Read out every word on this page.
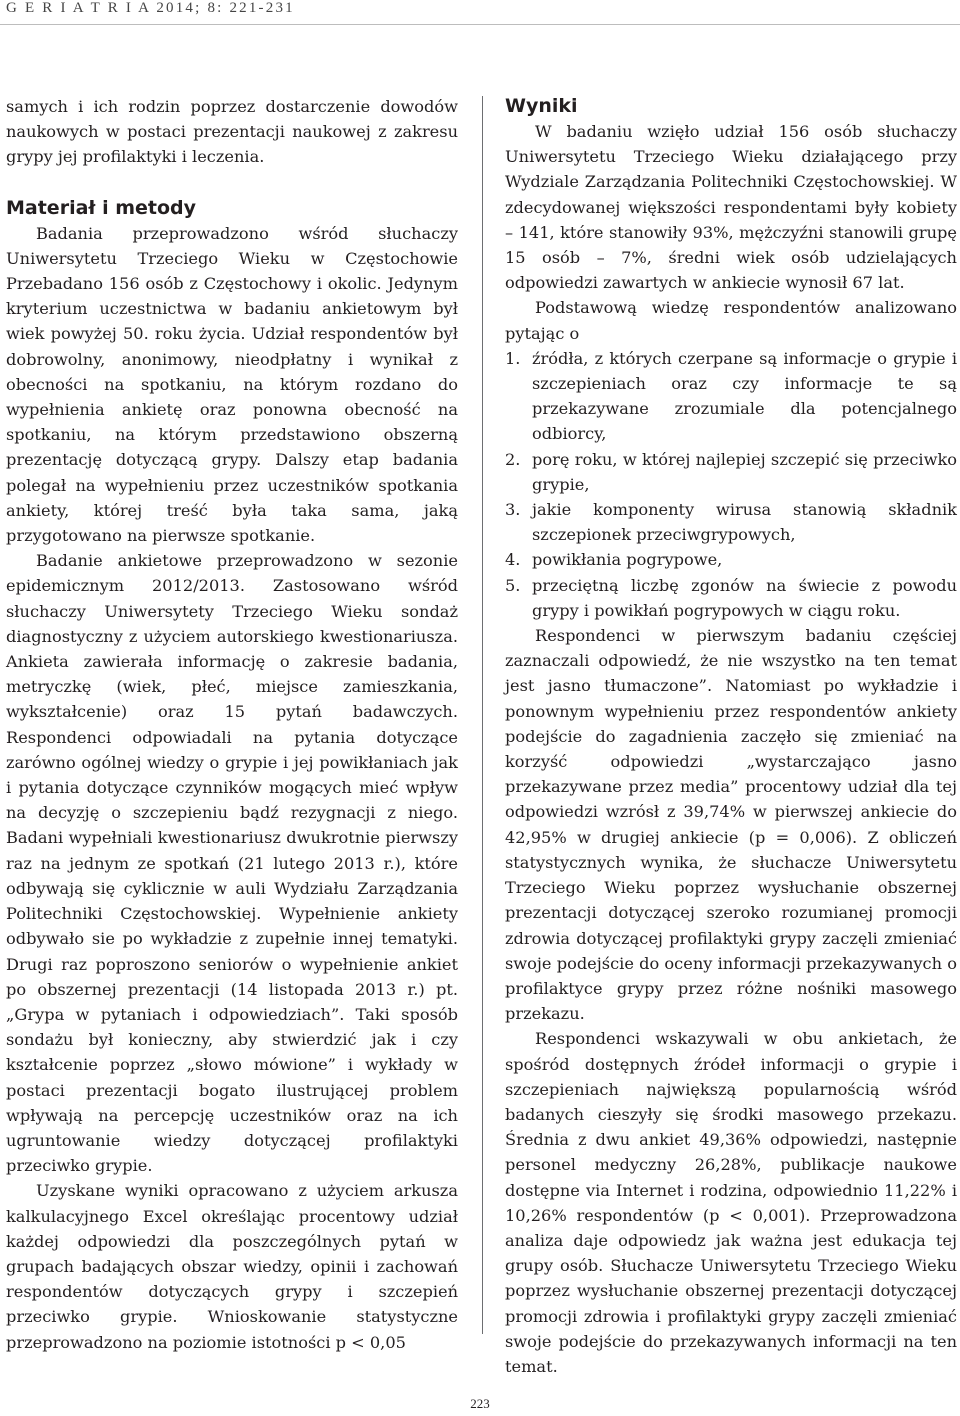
G E R I A T R I A 2014; 8: 221-231

samych i ich rodzin poprzez dostarczenie dowodów naukowych w postaci prezentacji naukowej z zakresu grypy jej profilaktyki i leczenia.

Materiał i metody

Badania przeprowadzono wśród słuchaczy Uniwersytetu Trzeciego Wieku w Częstochowie Przebadano 156 osób z Częstochowy i okolic. Jedynym kryterium uczestnictwa w badaniu ankietowym był wiek powyżej 50. roku życia. Udział respondentów był dobrowolny, anonimowy, nieodpłatny i wynikał z obecności na spotkaniu, na którym rozdano do wypełnienia ankietę oraz ponowna obecność na spotkaniu, na którym przedstawiono obszerną prezentację dotyczącą grypy. Dalszy etap badania polegał na wypełnieniu przez uczestników spotkania ankiety, której treść była taka sama, jaką przygotowano na pierwsze spotkanie.

Badanie ankietowe przeprowadzono w sezonie epidemicznym 2012/2013. Zastosowano wśród słuchaczy Uniwersytety Trzeciego Wieku sondaż diagnostyczny z użyciem autorskiego kwestionariusza. Ankieta zawierała informację o zakresie badania, metryczkę (wiek, płeć, miejsce zamieszkania, wykształcenie) oraz 15 pytań badawczych. Respondenci odpowiadali na pytania dotyczące zarówno ogólnej wiedzy o grypie i jej powikłaniach jak i pytania dotyczące czynników mogących mieć wpływ na decyzję o szczepieniu bądź rezygnacji z niego. Badani wypełniali kwestionariusz dwukrotnie pierwszy raz na jednym ze spotkań (21 lutego 2013 r.), które odbywają się cyklicznie w auli Wydziału Zarządzania Politechniki Częstochowskiej. Wypełnienie ankiety odbywało sie po wykładzie z zupełnie innej tematyki. Drugi raz poproszono seniorów o wypełnienie ankiet po obszernej prezentacji (14 listopada 2013 r.) pt. „Grypa w pytaniach i odpowiedziach”. Taki sposób sondażu był konieczny, aby stwierdzić jak i czy kształcenie poprzez „słowo mówione” i wykłady w postaci prezentacji bogato ilustrującej problem wpływają na percepcję uczestników oraz na ich ugruntowanie wiedzy dotyczącej profilaktyki przeciwko grypie.

Uzyskane wyniki opracowano z użyciem arkusza kalkulacyjnego Excel określając procentowy udział każdej odpowiedzi dla poszczególnych pytań w grupach badających obszar wiedzy, opinii i zachowań respondentów dotyczących grypy i szczepień przeciwko grypie. Wnioskowanie statystyczne przeprowadzono na poziomie istotności p < 0,05

Wyniki

W badaniu wzięło udział 156 osób słuchaczy Uniwersytetu Trzeciego Wieku działającego przy Wydziale Zarządzania Politechniki Częstochowskiej. W zdecydowanej większości respondentami były kobiety – 141, które stanowiły 93%, mężczyźni stanowili grupę 15 osób – 7%, średni wiek osób udzielających odpowiedzi zawartych w ankiecie wynosił 67 lat.

Podstawową wiedzę respondentów analizowano pytając o

1. źródła, z których czerpane są informacje o grypie i szczepieniach oraz czy informacje te są przekazywane zrozumiale dla potencjalnego odbiorcy,
2. porę roku, w której najlepiej szczepić się przeciwko grypie,
3. jakie komponenty wirusa stanowią składnik szczepionek przeciwgrypowych,
4. powikłania pogrypowe,
5. przeciętną liczbę zgonów na świecie z powodu grypy i powikłań pogrypowych w ciągu roku.

Respondenci w pierwszym badaniu częściej zaznaczali odpowiedź, że nie wszystko na ten temat jest jasno tłumaczone”. Natomiast po wykładzie i ponownym wypełnieniu przez respondentów ankiety podejście do zagadnienia zaczęło się zmieniać na korzyść odpowiedzi „wystarczająco jasno przekazywane przez media” procentowy udział dla tej odpowiedzi wzrósł z 39,74% w pierwszej ankiecie do 42,95% w drugiej ankiecie (p = 0,006). Z obliczeń statystycznych wynika, że słuchacze Uniwersytetu Trzeciego Wieku poprzez wysłuchanie obszernej prezentacji dotyczącej szeroko rozumianej promocji zdrowia dotyczącej profilaktyki grypy zaczęli zmieniać swoje podejście do oceny informacji przekazywanych o profilaktyce grypy przez różne nośniki masowego przekazu.

Respondenci wskazywali w obu ankietach, że spośród dostępnych źródeł informacji o grypie i szczepieniach największą popularnością wśród badanych cieszyły się środki masowego przekazu. Średnia z dwu ankiet 49,36% odpowiedzi, następnie personel medyczny 26,28%, publikacje naukowe dostępne via Internet i rodzina, odpowiednio 11,22% i 10,26% respondentów (p < 0,001). Przeprowadzona analiza daje odpowiedz jak ważna jest edukacja tej grupy osób. Słuchacze Uniwersytetu Trzeciego Wieku poprzez wysłuchanie obszernej prezentacji dotyczącej promocji zdrowia i profilaktyki grypy zaczęli zmieniać swoje podejście do przekazywanych informacji na ten temat.

223
